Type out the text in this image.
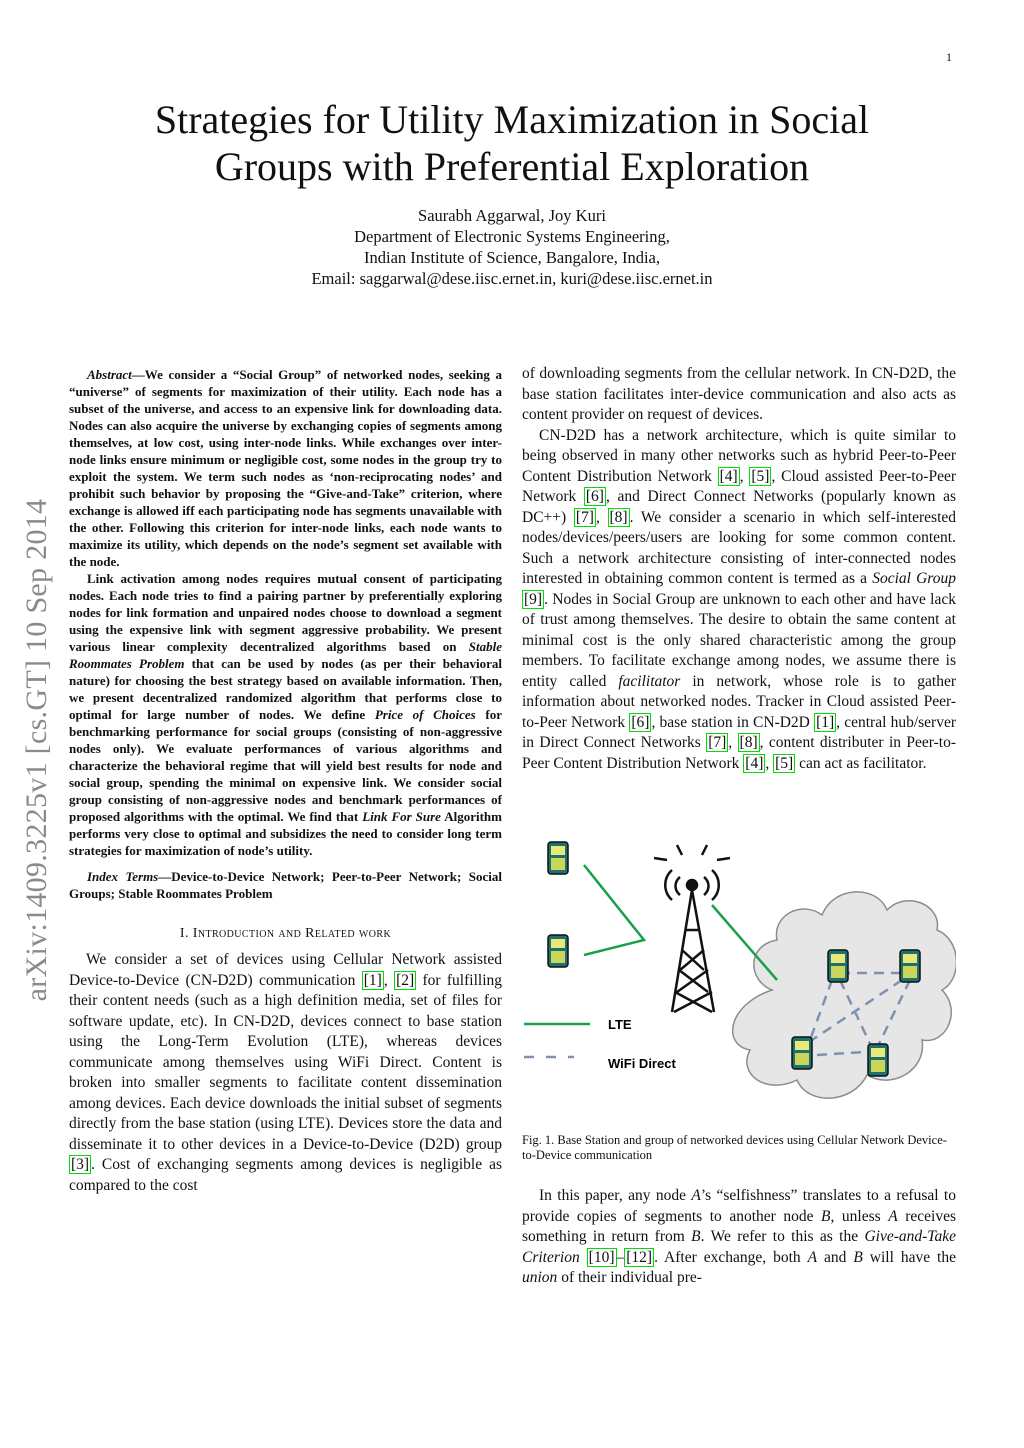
1
arXiv:1409.3225v1 [cs.GT] 10 Sep 2014
Strategies for Utility Maximization in Social
Groups with Preferential Exploration
Saurabh Aggarwal, Joy Kuri
Department of Electronic Systems Engineering,
Indian Institute of Science, Bangalore, India,
Email: saggarwal@dese.iisc.ernet.in, kuri@dese.iisc.ernet.in

Abstract—We consider a “Social Group” of networked nodes, seeking a “universe” of segments for maximization of their utility. Each node has a subset of the universe, and access to an expensive link for downloading data. Nodes can also acquire the universe by exchanging copies of segments among themselves, at low cost, using inter-node links. While exchanges over inter-node links ensure minimum or negligible cost, some nodes in the group try to exploit the system. We term such nodes as ‘non-reciprocating nodes’ and prohibit such behavior by proposing the “Give-and-Take” criterion, where exchange is allowed iff each participating node has segments unavailable with the other. Following this criterion for inter-node links, each node wants to maximize its utility, which depends on the node’s segment set available with the node.

Link activation among nodes requires mutual consent of participating nodes. Each node tries to find a pairing partner by preferentially exploring nodes for link formation and unpaired nodes choose to download a segment using the expensive link with segment aggressive probability. We present various linear complexity decentralized algorithms based on Stable Roommates Problem that can be used by nodes (as per their behavioral nature) for choosing the best strategy based on available information. Then, we present decentralized randomized algorithm that performs close to optimal for large number of nodes. We define Price of Choices for benchmarking performance for social groups (consisting of non-aggressive nodes only). We evaluate performances of various algorithms and characterize the behavioral regime that will yield best results for node and social group, spending the minimal on expensive link. We consider social group consisting of non-aggressive nodes and benchmark performances of proposed algorithms with the optimal. We find that Link For Sure Algorithm performs very close to optimal and subsidizes the need to consider long term strategies for maximization of node’s utility.

Index Terms—Device-to-Device Network; Peer-to-Peer Network; Social Groups; Stable Roommates Problem

I. Introduction and Related work

We consider a set of devices using Cellular Network assisted Device-to-Device (CN-D2D) communication [1] , [2] for fulfilling their content needs (such as a high definition media, set of files for software update, etc). In CN-D2D, devices connect to base station using the Long-Term Evolution (LTE), whereas devices communicate among themselves using WiFi Direct. Content is broken into smaller segments to facilitate content dissemination among devices. Each device downloads the initial subset of segments directly from the base station (using LTE). Devices store the data and disseminate it to other devices in a Device-to-Device (D2D) group [3] . Cost of exchanging segments among devices is negligible as compared to the cost

of downloading segments from the cellular network. In CN-D2D, the base station facilitates inter-device communication and also acts as content provider on request of devices.

CN-D2D has a network architecture, which is quite similar to being observed in many other networks such as hybrid Peer-to-Peer Content Distribution Network [4] , [5] , Cloud assisted Peer-to-Peer Network [6] , and Direct Connect Networks (popularly known as DC++) [7] , [8] . We consider a scenario in which self-interested nodes/devices/peers/users are looking for some common content. Such a network architecture consisting of inter-connected nodes interested in obtaining common content is termed as a Social Group [9] . Nodes in Social Group are unknown to each other and have lack of trust among themselves. The desire to obtain the same content at minimal cost is the only shared characteristic among the group members. To facilitate exchange among nodes, we assume there is entity called facilitator in network, whose role is to gather information about networked nodes. Tracker in Cloud assisted Peer-to-Peer Network [6] , base station in CN-D2D [1] , central hub/server in Direct Connect Networks [7] , [8] , content distributer in Peer-to-Peer Content Distribution Network [4] , [5] can act as facilitator.

LTE
WiFi Direct
Fig. 1. Base Station and group of networked devices using Cellular Network Device-to-Device communication

In this paper, any node A’s “selfishness” translates to a refusal to provide copies of segments to another node B, unless A receives something in return from B. We refer to this as the Give-and-Take Criterion [10] – [12] . After exchange, both A and B will have the union of their individual pre-
